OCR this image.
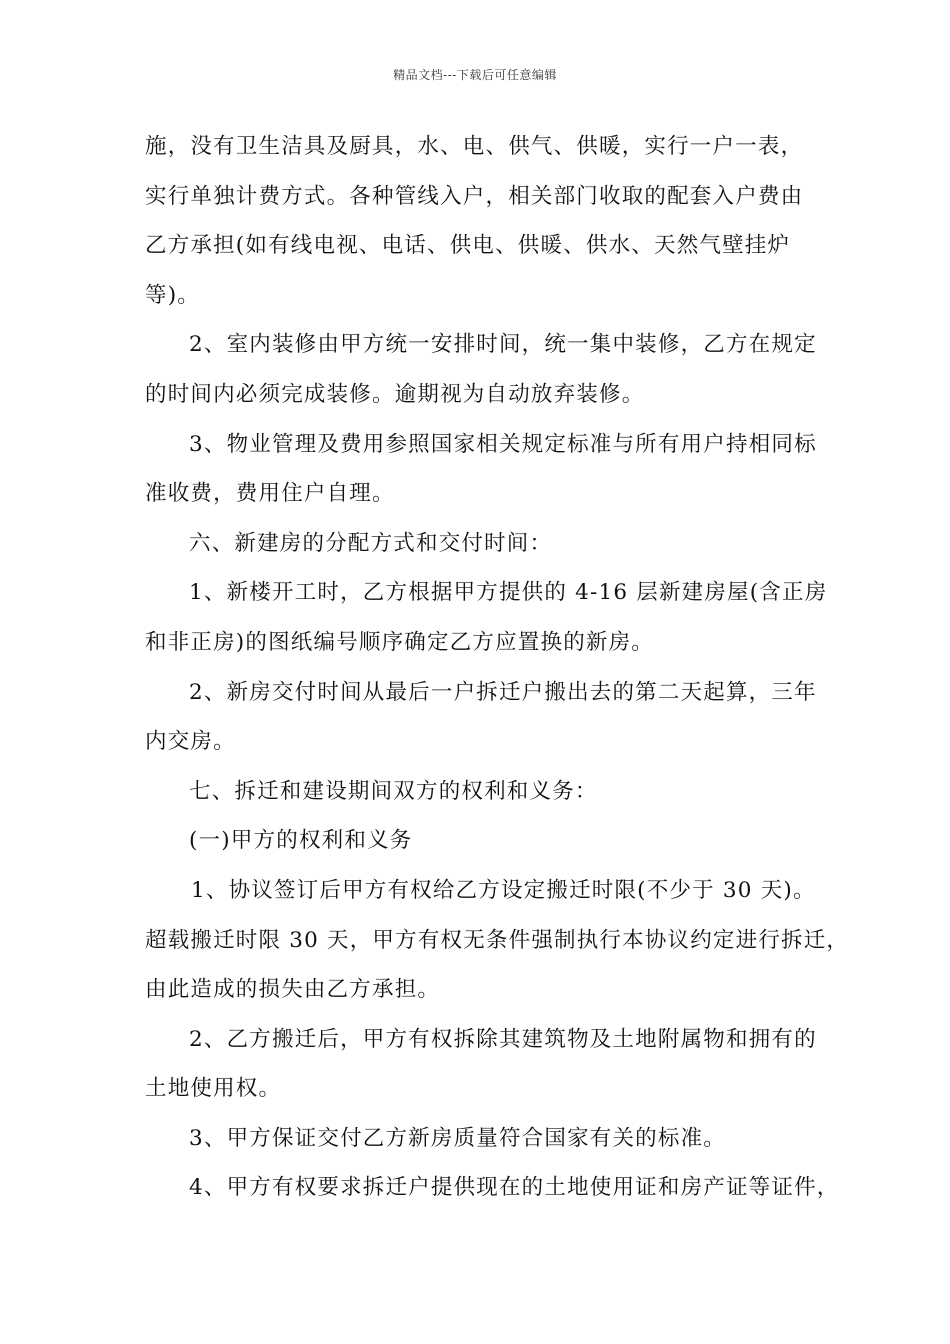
精品文档---下载后可任意编辑
施，没有卫生洁具及厨具，水、电、供气、供暖，实行一户一表，
实行单独计费方式。各种管线入户，相关部门收取的配套入户费由
乙方承担(如有线电视、电话、供电、供暖、供水、天然气壁挂炉
等)。
2、室内装修由甲方统一安排时间，统一集中装修，乙方在规定
的时间内必须完成装修。逾期视为自动放弃装修。
3、物业管理及费用参照国家相关规定标准与所有用户持相同标
准收费，费用住户自理。
六、新建房的分配方式和交付时间：
1、新楼开工时，乙方根据甲方提供的 4-16 层新建房屋(含正房
和非正房)的图纸编号顺序确定乙方应置换的新房。
2、新房交付时间从最后一户拆迁户搬出去的第二天起算，三年
内交房。
七、拆迁和建设期间双方的权利和义务：
(一)甲方的权利和义务
1、协议签订后甲方有权给乙方设定搬迁时限(不少于 30 天)。
超载搬迁时限 30 天，甲方有权无条件强制执行本协议约定进行拆迁，
由此造成的损失由乙方承担。
2、乙方搬迁后，甲方有权拆除其建筑物及土地附属物和拥有的
土地使用权。
3、甲方保证交付乙方新房质量符合国家有关的标准。
4、甲方有权要求拆迁户提供现在的土地使用证和房产证等证件，
